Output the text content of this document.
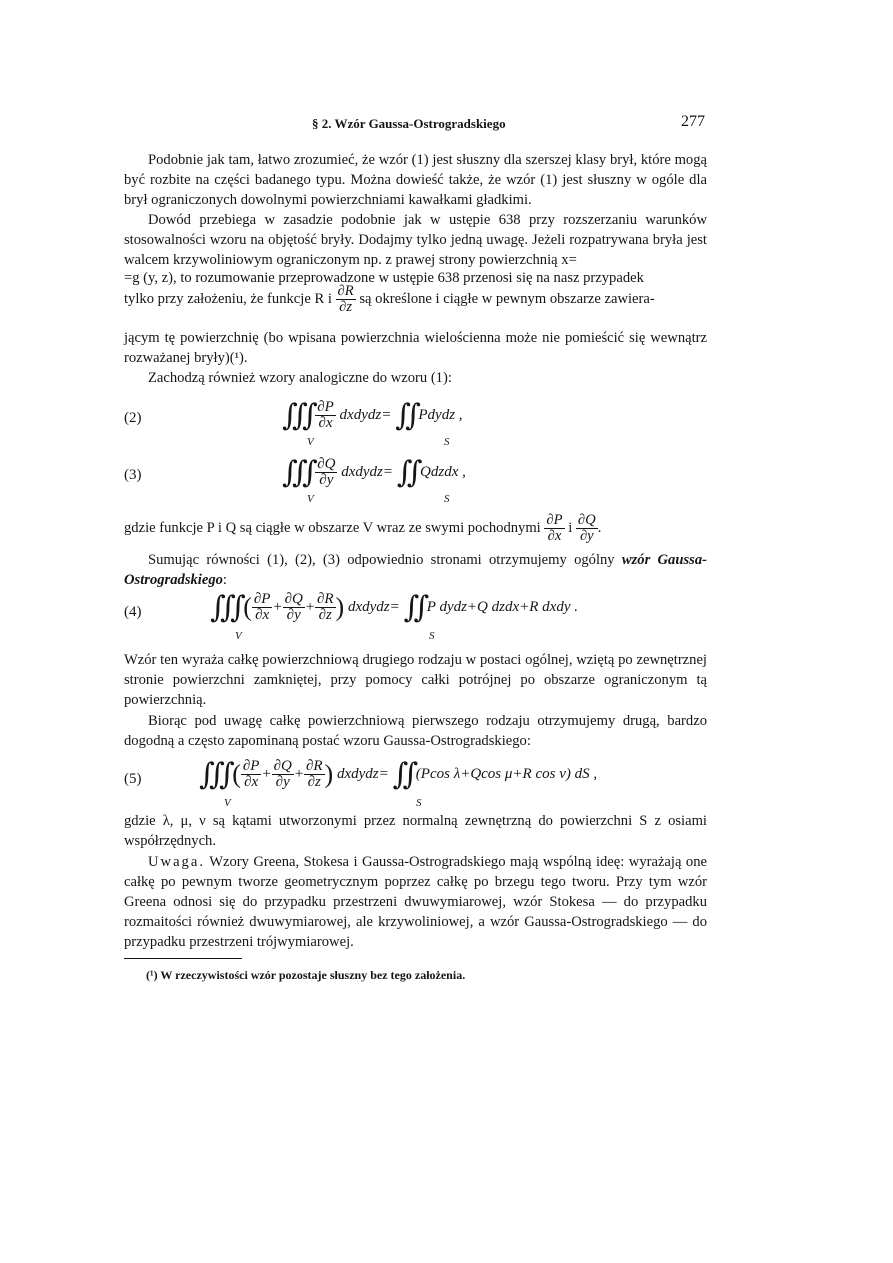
§ 2. Wzór Gaussa-Ostrogradskiego	277
Podobnie jak tam, łatwo zrozumieć, że wzór (1) jest słuszny dla szerszej klasy brył, które mogą być rozbite na części badanego typu. Można dowieść także, że wzór (1) jest słuszny w ogóle dla brył ograniczonych dowolnymi powierzchniami kawałkami gładkimi.
Dowód przebiega w zasadzie podobnie jak w ustępie 638 przy rozszerzaniu warunków stosowalności wzoru na objętość bryły. Dodajmy tylko jedną uwagę. Jeżeli rozpatrywana bryła jest walcem krzywoliniowym ograniczonym np. z prawej strony powierzchnią x=
=g (y, z), to rozumowanie przeprowadzone w ustępie 638 przenosi się na nasz przypadek
tylko przy założeniu, że funkcje R i $\frac{\partial R}{\partial z}$ są określone i ciągłe w pewnym obszarze zawiera-
jącym tę powierzchnię (bo wpisana powierzchnia wielościenna może nie pomieścić się wewnątrz rozważanej bryły)(¹).
Zachodzą również wzory analogiczne do wzoru (1):
(2)	∭ $\frac{\partial P}{\partial x}$ dxdydz= ∬ Pdydz ,
V	S
(3)	∭ $\frac{\partial Q}{\partial y}$ dxdydz= ∬ Qdzdx ,
V	S
gdzie funkcje P i Q są ciągłe w obszarze V wraz ze swymi pochodnymi $\frac{\partial P}{\partial x}$ i $\frac{\partial Q}{\partial y}$ .
Sumując równości (1), (2), (3) odpowiednio stronami otrzymujemy ogólny wzór Gaussa-Ostrogradskiego:
(4) ∭ ( $\frac{\partial P}{\partial x} + \frac{\partial Q}{\partial y} + \frac{\partial R}{\partial z}$ ) dxdydz= ∬ P dydz+Q dzdx+R dxdy .
V	S
Wzór ten wyraża całkę powierzchniową drugiego rodzaju w postaci ogólnej, wziętą po zewnętrznej stronie powierzchni zamkniętej, przy pomocy całki potrójnej po obszarze ograniczonym tą powierzchnią.
Biorąc pod uwagę całkę powierzchniową pierwszego rodzaju otrzymujemy drugą, bardzo dogodną a często zapominaną postać wzoru Gaussa-Ostrogradskiego:
(5) ∭ ( $\frac{\partial P}{\partial x} + \frac{\partial Q}{\partial y} + \frac{\partial R}{\partial z}$ ) dxdydz= ∬ (Pcos λ+Qcos μ+R cos ν) dS ,
V	S
gdzie λ, μ, ν są kątami utworzonymi przez normalną zewnętrzną do powierzchni S z osiami współrzędnych.
Uwaga. Wzory Greena, Stokesa i Gaussa-Ostrogradskiego mają wspólną ideę: wyrażają one całkę po pewnym tworze geometrycznym poprzez całkę po brzegu tego tworu. Przy tym wzór Greena odnosi się do przypadku przestrzeni dwuwymiarowej, wzór Stokesa — do przypadku rozmaitości również dwuwymiarowej, ale krzywoliniowej, a wzór Gaussa-Ostrogradskiego — do przypadku przestrzeni trójwymiarowej.
(¹) W rzeczywistości wzór pozostaje słuszny bez tego założenia.
